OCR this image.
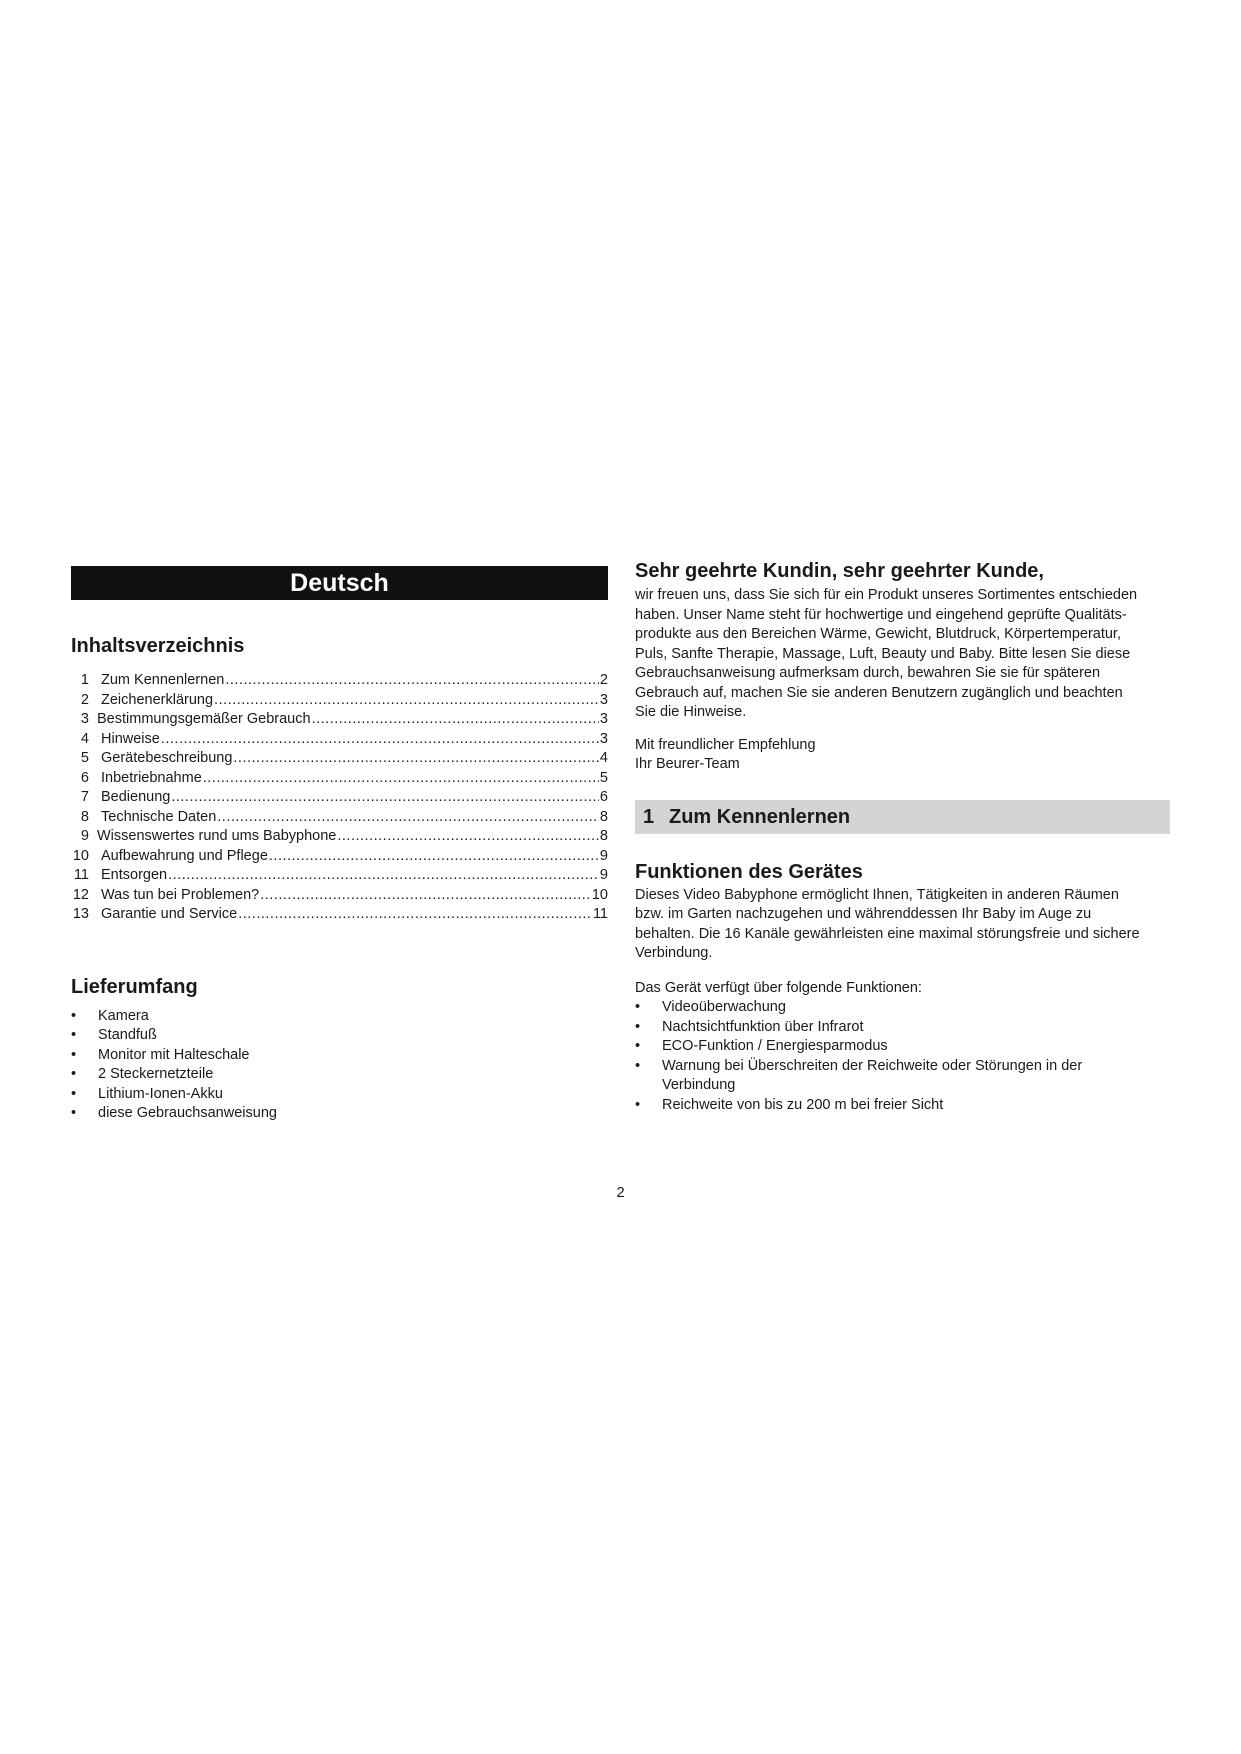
Deutsch
Inhaltsverzeichnis
1 Zum Kennenlernen .....	2
2 Zeichenerklärung .....	3
3 Bestimmungsgemäßer Gebrauch .....	3
4 Hinweise .....	3
5 Gerätebeschreibung .....	4
6 Inbetriebnahme .....	5
7 Bedienung .....	6
8 Technische Daten .....	8
9 Wissenswertes rund ums Babyphone .....	8
10 Aufbewahrung und Pflege .....	9
11 Entsorgen .....	9
12 Was tun bei Problemen? .....	10
13 Garantie und Service .....	11
Lieferumfang
• Kamera
• Standfuß
• Monitor mit Halteschale
• 2 Steckernetzteile
• Lithium-Ionen-Akku
• diese Gebrauchsanweisung
Sehr geehrte Kundin, sehr geehrter Kunde,

wir freuen uns, dass Sie sich für ein Produkt unseres Sortimentes entschieden

haben. Unser Name steht für hochwertige und eingehend geprüfte Qualitäts-

produkte aus den Bereichen Wärme, Gewicht, Blutdruck, Körpertemperatur,

Puls, Sanfte Therapie, Massage, Luft, Beauty und Baby. Bitte lesen Sie diese

Gebrauchsanweisung aufmerksam durch, bewahren Sie sie für späteren

Gebrauch auf, machen Sie sie anderen Benutzern zugänglich und beachten

Sie die Hinweise.

Mit freundlicher Empfehlung

Ihr Beurer-Team

1 Zum Kennenlernen
Funktionen des Gerätes

Dieses Video Babyphone ermöglicht Ihnen, Tätigkeiten in anderen Räumen

bzw. im Garten nachzugehen und währenddessen Ihr Baby im Auge zu

behalten. Die 16 Kanäle gewährleisten eine maximal störungsfreie und sichere

Verbindung.

Das Gerät verfügt über folgende Funktionen:

• Videoüberwachung
• Nachtsichtfunktion über Infrarot
• ECO-Funktion / Energiesparmodus
• Warnung bei Überschreiten der Reichweite oder Störungen in der
Verbindung
• Reichweite von bis zu 200 m bei freier Sicht
2
